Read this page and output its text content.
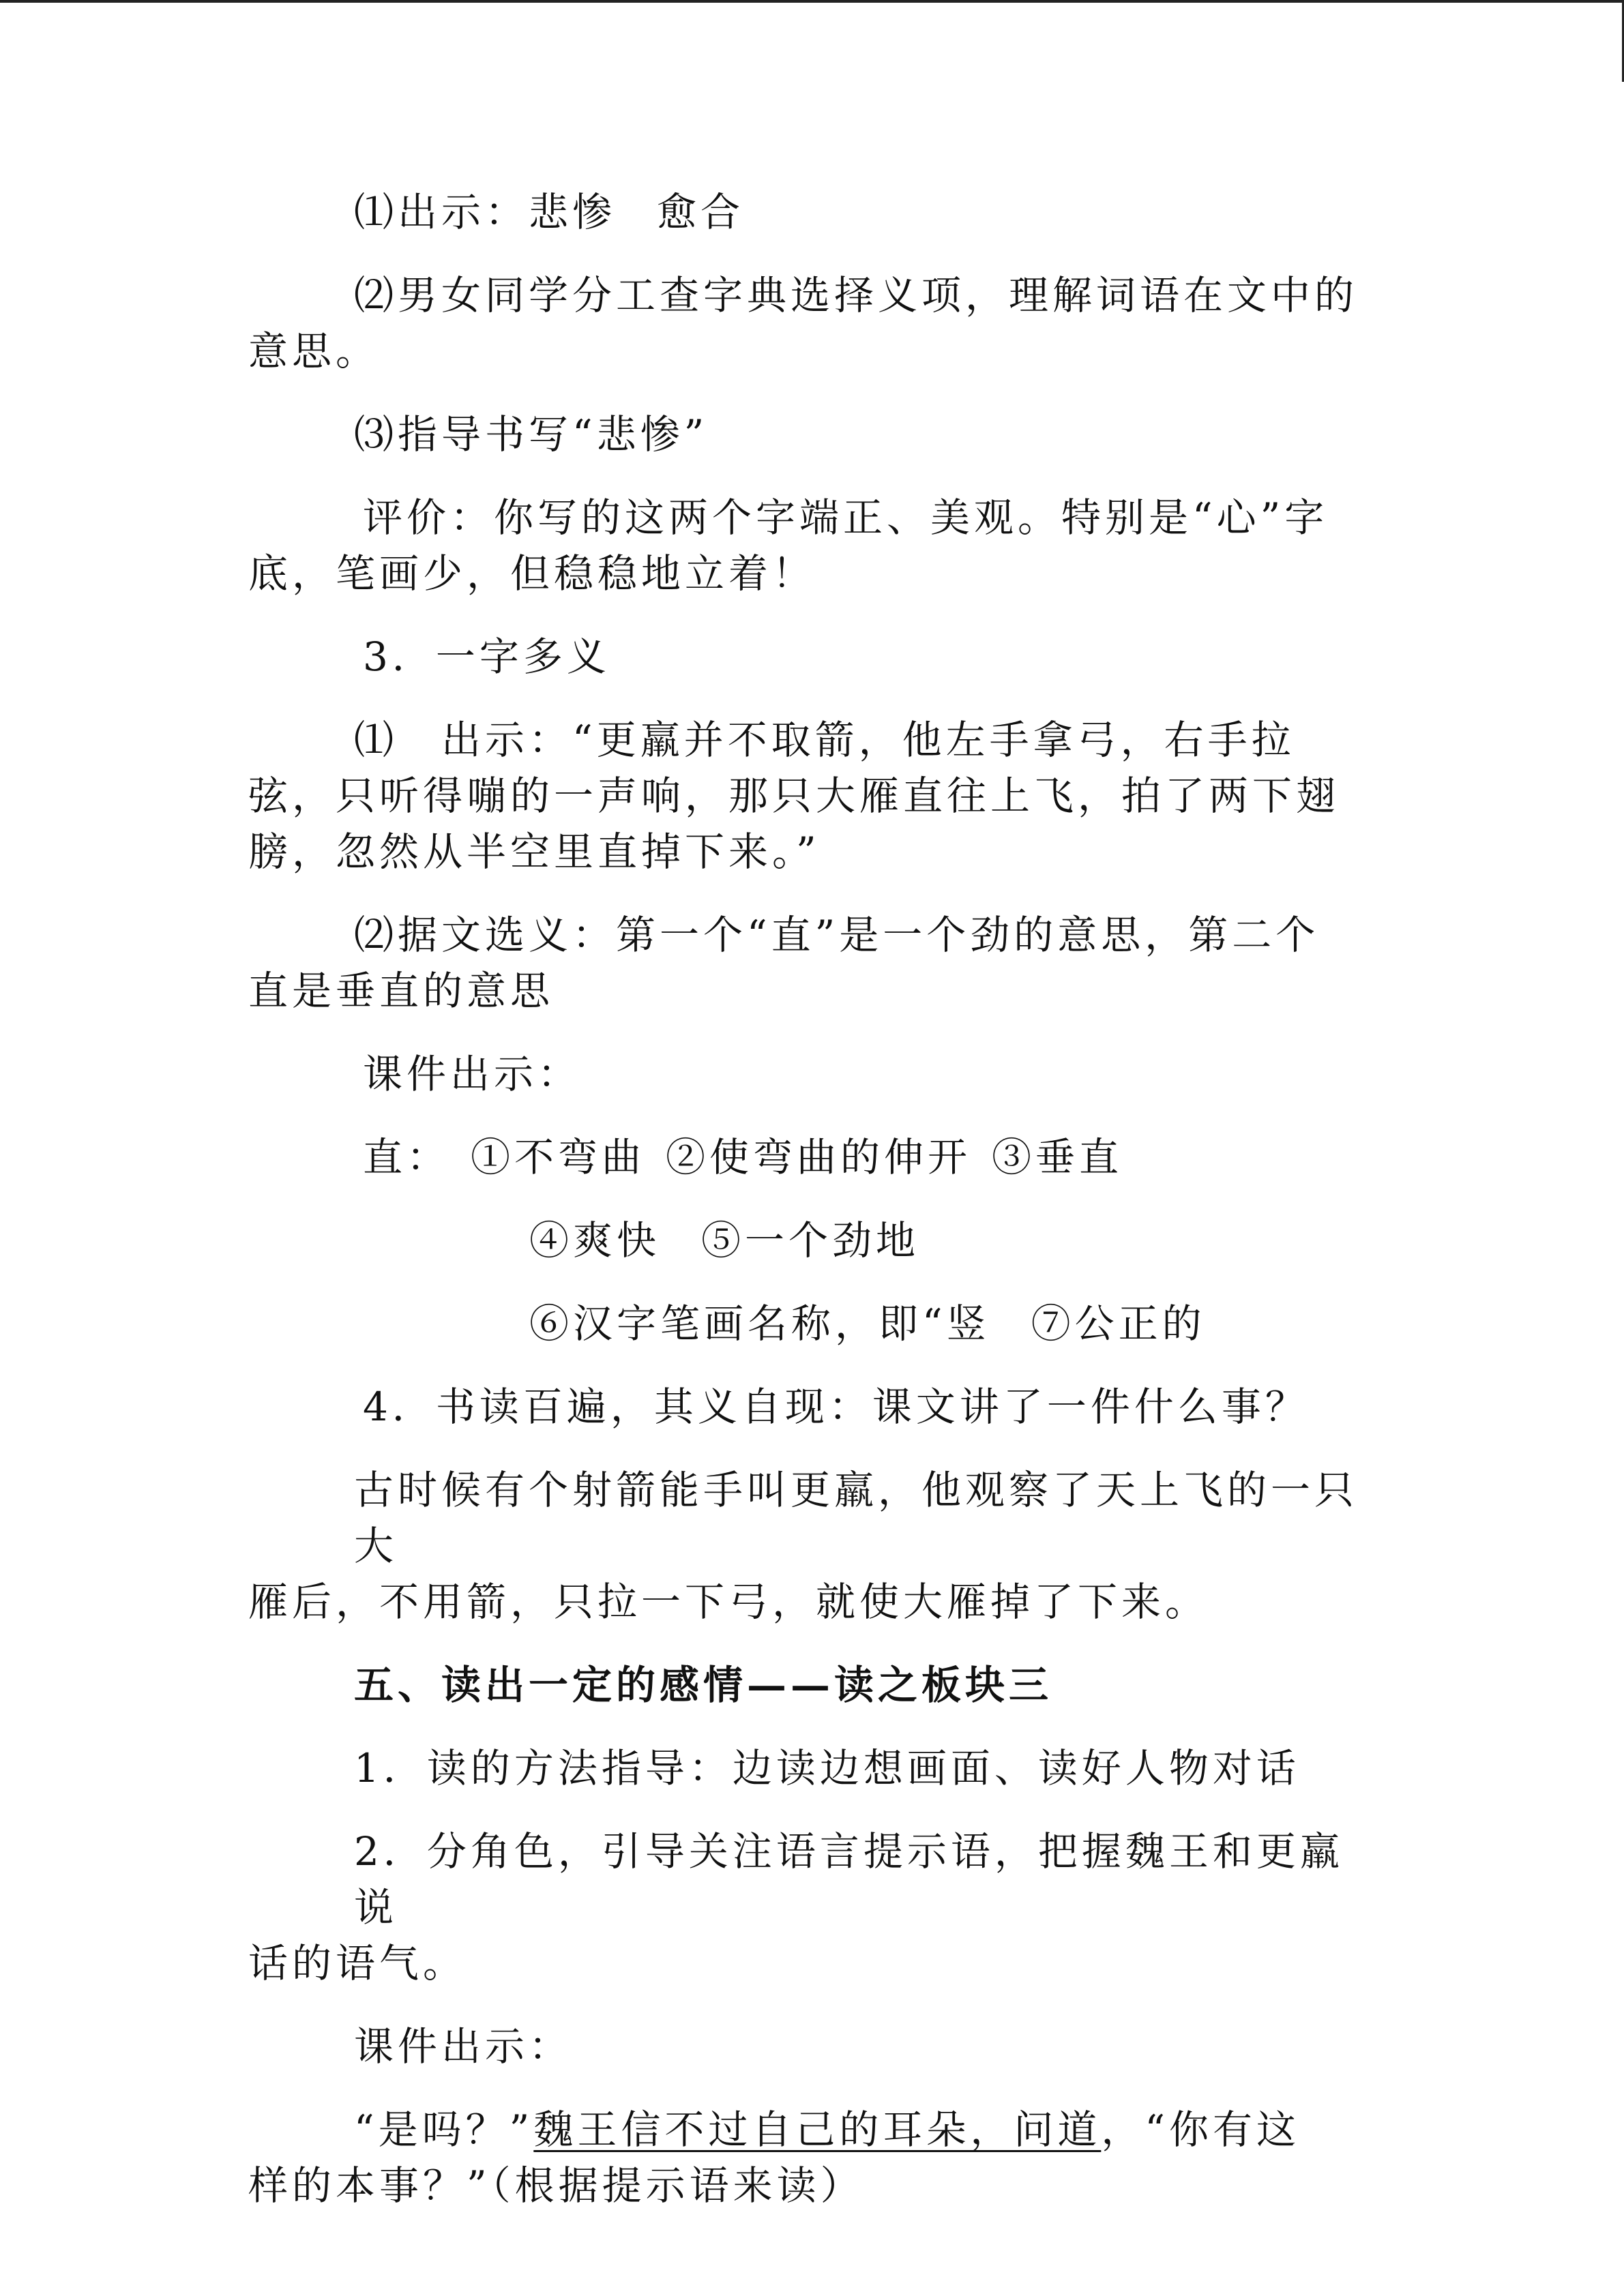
⑴出示：悲惨 愈合

⑵男女同学分工查字典选择义项，理解词语在文中的

意思。

⑶指导书写“悲惨”

评价：你写的这两个字端正、美观。特别是“心”字

底，笔画少，但稳稳地立着！

3．一字多义

⑴　出示：“更羸并不取箭，他左手拿弓，右手拉

弦，只听得嘣的一声响，那只大雁直往上飞，拍了两下翅

膀，忽然从半空里直掉下来。”

⑵据文选义：第一个“直”是一个劲的意思，第二个

直是垂直的意思

课件出示：

直： ①不弯曲 ②使弯曲的伸开 ③垂直

④爽快 ⑤一个劲地

⑥汉字笔画名称，即“竖 ⑦公正的

4．书读百遍，其义自现：课文讲了一件什么事？

古时候有个射箭能手叫更羸，他观察了天上飞的一只大

雁后，不用箭，只拉一下弓，就使大雁掉了下来。

五、读出一定的感情——读之板块三

1．读的方法指导：边读边想画面、读好人物对话

2．分角色，引导关注语言提示语，把握魏王和更羸说

话的语气。

课件出示：

“是吗？”魏王信不过自己的耳朵，问道，“你有这

样的本事？”（根据提示语来读）
